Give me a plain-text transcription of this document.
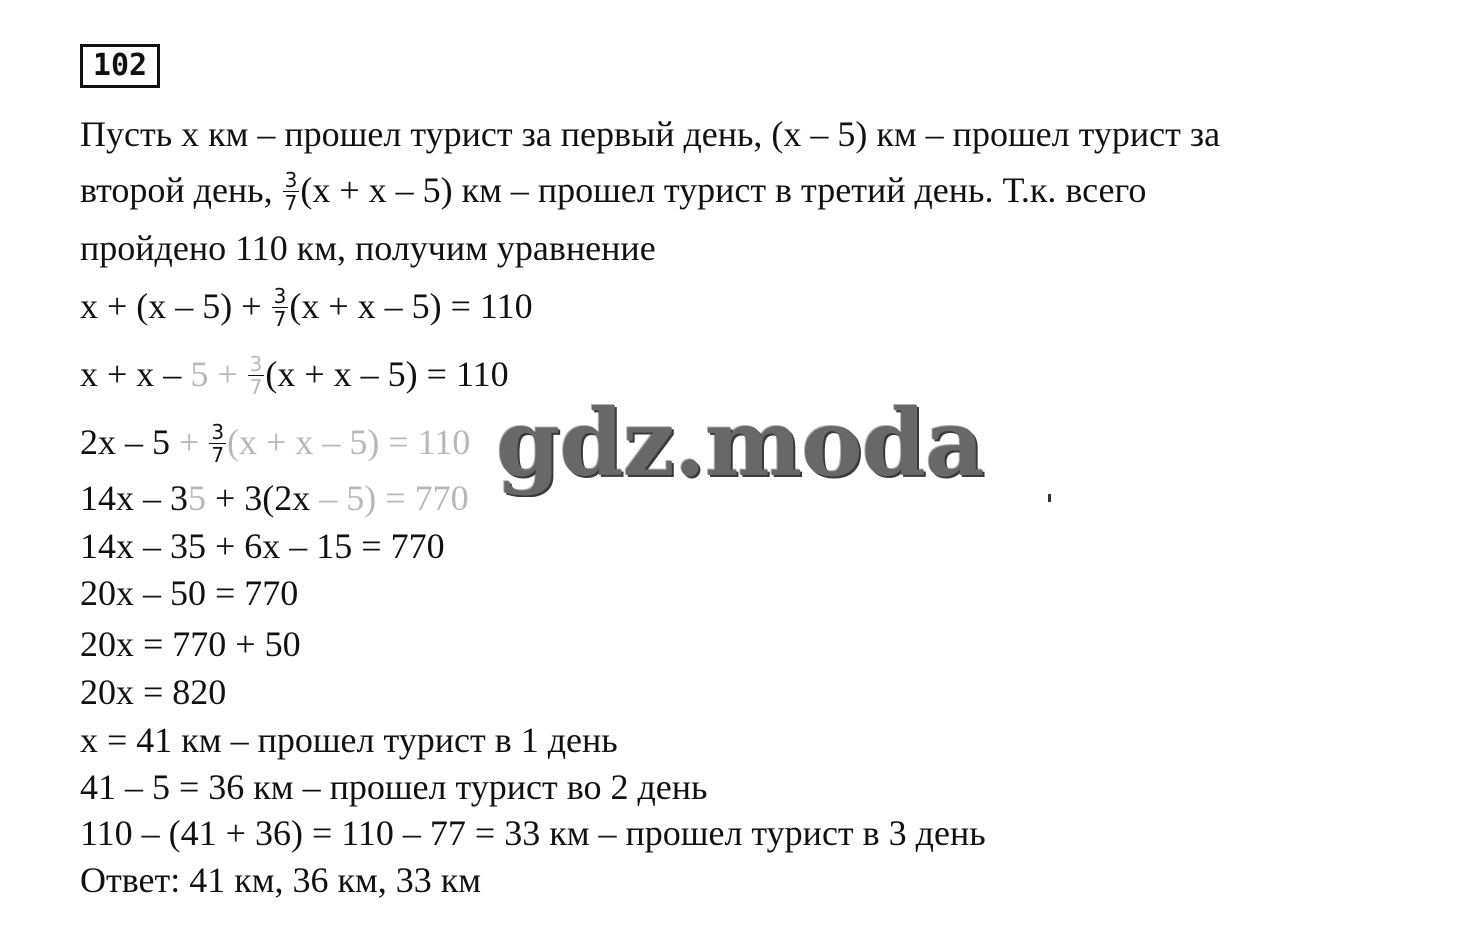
102
Пусть x км – прошел турист за первый день, (x – 5) км – прошел турист за
второй день, $\frac{3}{7} (x + x - 5)$ км – прошел турист в третий день. Т.к. всего
пройдено 110 км, получим уравнение
$x + (x - 5) + \frac{3}{7} (x + x - 5) = 110$
$x + x - 5 + \frac{3}{7} (x + x - 5) = 110$
$2x - 5 + \frac{3}{7} (x + x - 5) = 110$
14x – 35 + 3(2x – 5) = 770
14x – 35 + 6x – 15 = 770
20x – 50 = 770
20x = 770 + 50
20x = 820
x = 41 км – прошел турист в 1 день
41 – 5 = 36 км – прошел турист во 2 день
110 – (41 + 36) = 110 – 77 = 33 км – прошел турист в 3 день
Ответ: 41 км, 36 км, 33 км
gdz.moda
